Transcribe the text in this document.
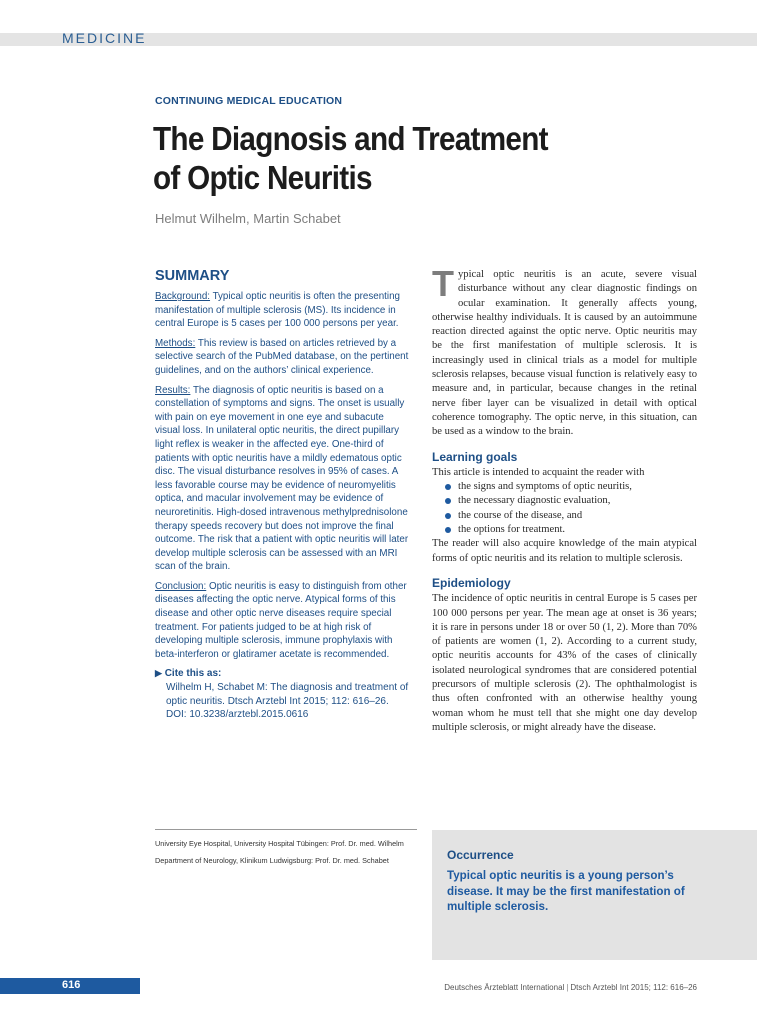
MEDICINE
CONTINUING MEDICAL EDUCATION
The Diagnosis and Treatment
of Optic Neuritis
Helmut Wilhelm, Martin Schabet
SUMMARY

Background: Typical optic neuritis is often the presenting manifestation of multiple sclerosis (MS). Its incidence in central Europe is 5 cases per 100 000 persons per year.

Methods: This review is based on articles retrieved by a selective search of the PubMed database, on the pertinent guidelines, and on the authors’ clinical experience.

Results: The diagnosis of optic neuritis is based on a constellation of symptoms and signs. The onset is usually with pain on eye movement in one eye and subacute visual loss. In unilateral optic neuritis, the direct pupillary light reflex is weaker in the affected eye. One-third of patients with optic neuritis have a mildly edematous optic disc. The visual disturbance resolves in 95% of cases. A less favorable course may be evidence of neuromyelitis optica, and macular involvement may be evidence of neuroretinitis. High-dosed intravenous methylprednisolone therapy speeds recovery but does not improve the final outcome. The risk that a patient with optic neuritis will later develop multiple sclerosis can be assessed with an MRI scan of the brain.

Conclusion: Optic neuritis is easy to distinguish from other diseases affecting the optic nerve. Atypical forms of this disease and other optic nerve diseases require special treatment. For patients judged to be at high risk of developing multiple sclerosis, immune prophylaxis with beta-interferon or glatiramer acetate is recommended.

▶ Cite this as:
Wilhelm H, Schabet M: The diagnosis and treatment of
optic neuritis. Dtsch Arztebl Int 2015; 112: 616–26.
DOI: 10.3238/arztebl.2015.0616

Typical optic neuritis is an acute, severe visual disturbance without any clear diagnostic findings on ocular examination. It generally affects young, otherwise healthy individuals. It is caused by an autoimmune reaction directed against the optic nerve. Optic neuritis may be the first manifestation of multiple sclerosis. It is increasingly used in clinical trials as a model for multiple sclerosis relapses, because visual function is relatively easy to measure and, in particular, because changes in the retinal nerve fiber layer can be visualized in detail with optical coherence tomography. The optic nerve, in this situation, can be used as a window to the brain.

Learning goals

This article is intended to acquaint the reader with

the signs and symptoms of optic neuritis,
the necessary diagnostic evaluation,
the course of the disease, and
the options for treatment.

The reader will also acquire knowledge of the main atypical forms of optic neuritis and its relation to multiple sclerosis.

Epidemiology

The incidence of optic neuritis in central Europe is 5 cases per 100 000 persons per year. The mean age at onset is 36 years; it is rare in persons under 18 or over 50 (1, 2). More than 70% of patients are women (1, 2). According to a current study, optic neuritis accounts for 43% of the cases of clinically isolated neurological syndromes that are considered potential precursors of multiple sclerosis (2). The ophthalmologist is thus often confronted with an otherwise healthy young woman whom he must tell that she might one day develop multiple sclerosis, or might already have the disease.

University Eye Hospital, University Hospital Tübingen: Prof. Dr. med. Wilhelm
Department of Neurology, Klinikum Ludwigsburg: Prof. Dr. med. Schabet	Occurrence
Typical optic neuritis is a young person’s disease. It may be the first manifestation of multiple sclerosis.
616	Deutsches Ärzteblatt International | Dtsch Arztebl Int 2015; 112: 616–26
